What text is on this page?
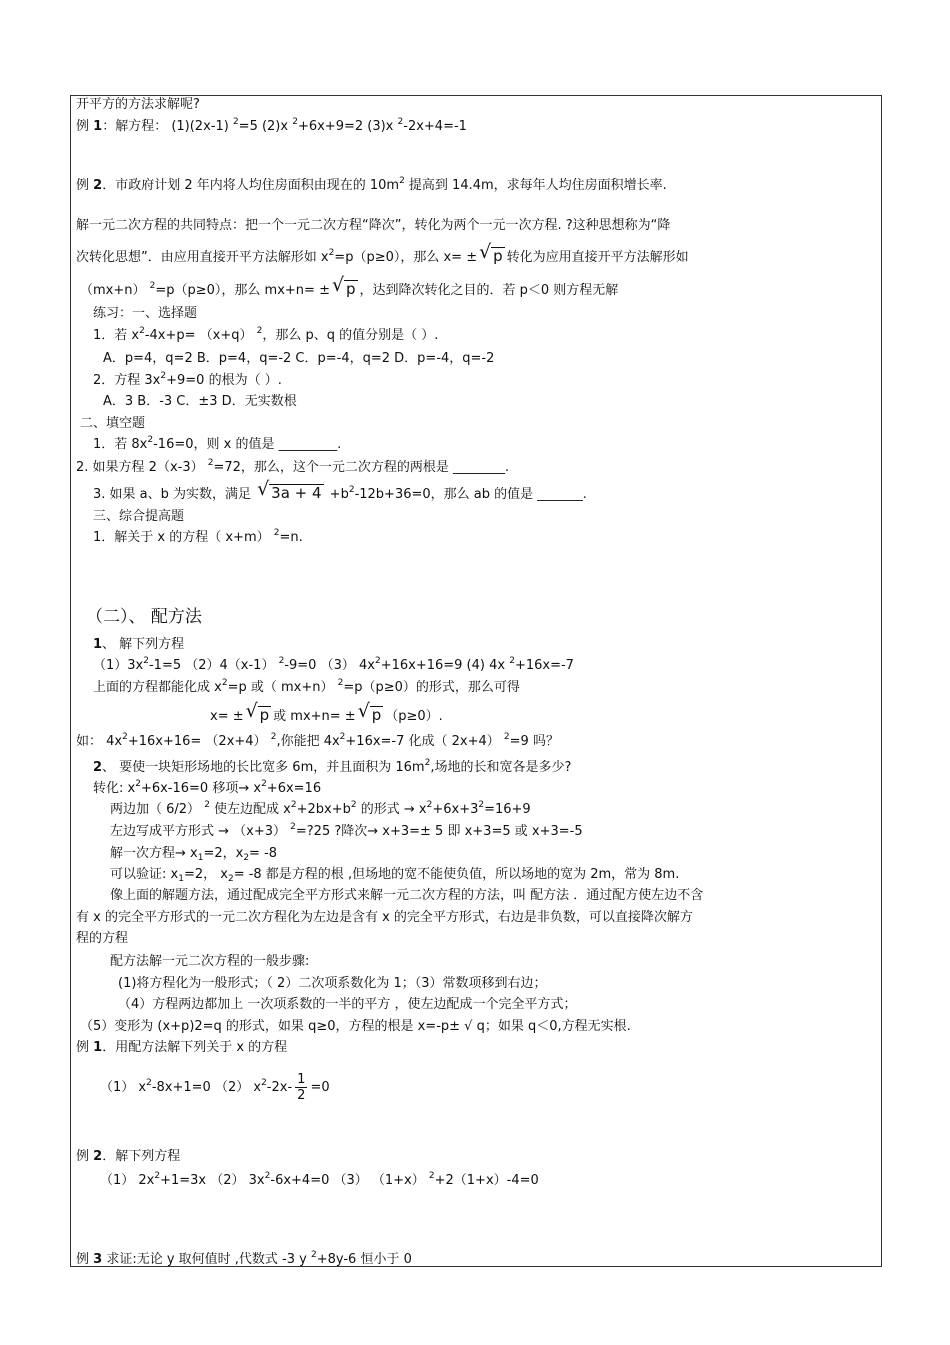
开平方的方法求解呢?
例 1：解方程： (1)(2x-1) $^2$=5 (2)x $^2$+6x+9=2 (3)x $^2$-2x+4=-1
例 2．市政府计划 2 年内将人均住房面积由现在的 $10m^2$ 提高到 14.4m，求每年人均住房面积增长率.
解一元二次方程的共同特点：把一个一元二次方程“降次”，转化为两个一元一次方程. ?这种思想称为“降
次转化思想”．由应用直接开平方法解形如 $x^2=p(p\ge 0)$，那么 x= ± √ p 转化为应用直接开平方法解形如
（mx+n） $^2$=p（p≥0），那么 mx+n= ± √ p ，达到降次转化之目的．若 p＜0 则方程无解
练习：一、选择题
1．若 $x^2-4x+p= (x+q)$ $^2$，那么 p、q 的值分别是（ ）.
A．p=4，q=2 B．p=4，q=-2 C．p=-4，q=2 D．p=-4，q=-2
2．方程 $3x^2+9=0$ 的根为（ ）.
A．3 B．-3 C．±3 D．无实数根
二、填空题
1．若 $8x^2-16=0$，则 x 的值是 _________.
2. 如果方程 2（x-3） $^2$=72，那么，这个一元二次方程的两根是 ________.
3. 如果 a、b 为实数，满足 √ $3a + 4 +b^2-12b+36=0$，那么 ab 的值是 _______.
三、综合提高题
1．解关于 x 的方程（ x+m） $^2$=n.
（二）、 配方法
1、 解下列方程
$(1)3x^2-1=5$ （2）4（x-1） $^2$-9=0 （3） $4x^2+16x+16=9$ (4) 4x $^2$+16x=-7
上面的方程都能化成 $x^2=p$ 或（ mx+n） $^2$=p（p≥0）的形式，那么可得
x= ± √ p 或 mx+n= ± √ p （p≥0）.
如： $4x^2+16x+16= (2x+4)$ $^2$,你能把 $4x^2+16x=-7$ 化成（ 2x+4） $^2$=9 吗？
2、 要使一块矩形场地的长比宽多 6m，并且面积为 $16m^2$,场地的长和宽各是多少?
转化: $x^2+6x-16=0$ 移项→ $x^2+6x=16$
两边加（ 6/2） $^2$ 使左边配成 $x^2+2bx+b^2$ 的形式 → $x^2+6x+3^2=16+9$
左边写成平方形式 → （x+3） $^2$=?25 ?降次→ x+3=± 5 即 x+3=5 或 x+3=-5
解一次方程→ $x_1=2$，$x_2= -8$
可以验证: $x_1=2$， $x_2= -8$ 都是方程的根 ,但场地的宽不能使负值，所以场地的宽为 2m，常为 8m.
像上面的解题方法，通过配成完全平方形式来解一元二次方程的方法，叫 配方法 ．通过配方使左边不含
有 x 的完全平方形式的一元二次方程化为左边是含有 x 的完全平方形式，右边是非负数，可以直接降次解方
程的方程
配方法解一元二次方程的一般步骤:
(1)将方程化为一般形式；（ 2）二次项系数化为 1；（3）常数项移到右边；
（4）方程两边都加上 一次项系数的一半的平方 ，使左边配成一个完全平方式；
（5）变形为 (x+p)2=q 的形式，如果 q≥0，方程的根是 x=-p± √ q；如果 q＜0,方程无实根.
例 1．用配方法解下列关于 x 的方程
（1） $x^2-8x+1=0$ （2） $x^2-2x- \frac{1}{2} =0$
例 2．解下列方程
（1） $2x^2+1=3x$ （2） $3x^2-6x+4=0$ （3） （1+x） $^2$+2（1+x）-4=0
例 3 求证:无论 y 取何值时 ,代数式 -3 y $^2$+8y-6 恒小于 0
